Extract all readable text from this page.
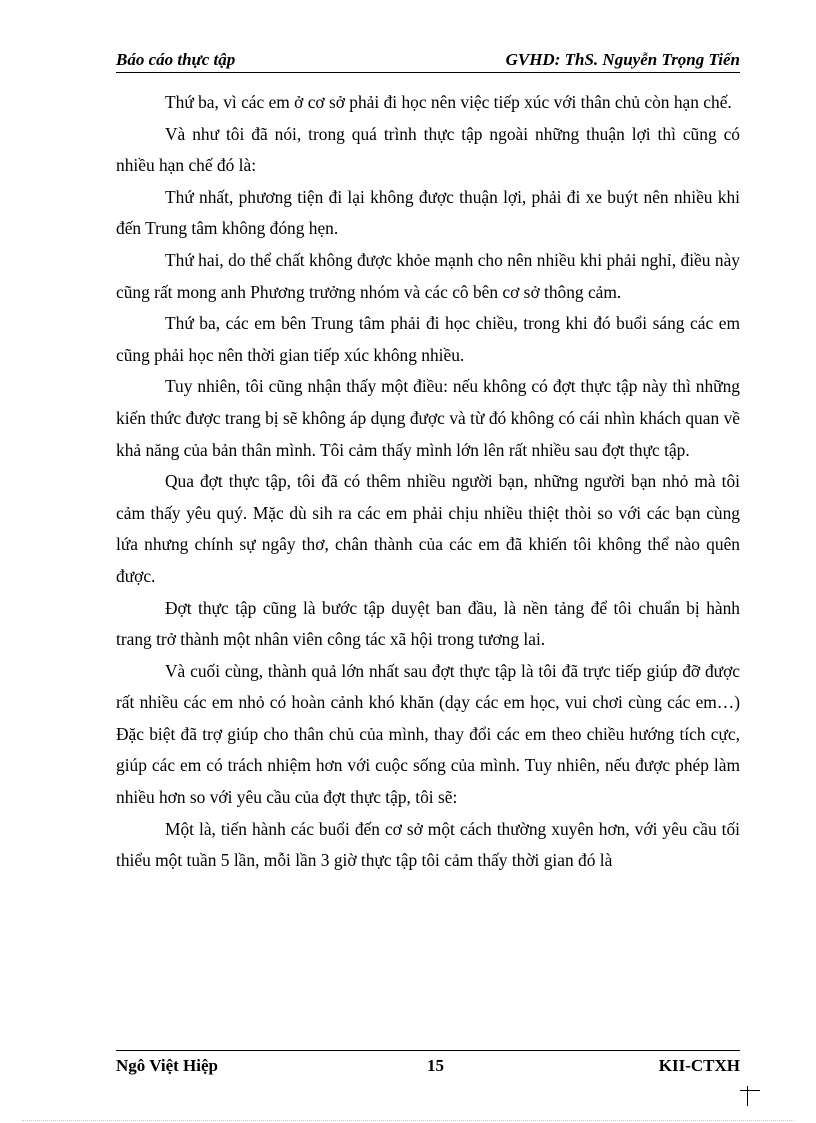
Báo cáo thực tập	GVHD: ThS. Nguyễn Trọng Tiến

Thứ ba, vì các em ở cơ sở phải đi học nên việc tiếp xúc với thân chủ còn hạn chế.

Và như tôi đã nói, trong quá trình thực tập ngoài những thuận lợi thì cũng có nhiều hạn chế đó là:

Thứ nhất, phương tiện đi lại không được thuận lợi, phải đi xe buýt nên nhiều khi đến Trung tâm không đóng hẹn.

Thứ hai, do thể chất không được khỏe mạnh cho nên nhiều khi phải nghỉ, điều này cũng rất mong anh Phương trưởng nhóm và các cô bên cơ sở thông cảm.

Thứ ba, các em bên Trung tâm phải đi học chiều, trong khi đó buổi sáng các em cũng phải học nên thời gian tiếp xúc không nhiều.

Tuy nhiên, tôi cũng nhận thấy một điều: nếu không có đợt thực tập này thì những kiến thức được trang bị sẽ không áp dụng được và từ đó không có cái nhìn khách quan về khả năng của bản thân mình. Tôi cảm thấy mình lớn lên rất nhiều sau đợt thực tập.

Qua đợt thực tập, tôi đã có thêm nhiều người bạn, những người bạn nhỏ mà tôi cảm thấy yêu quý. Mặc dù sih ra các em phải chịu nhiều thiệt thòi so với các bạn cùng lứa nhưng chính sự ngây thơ, chân thành của các em đã khiến tôi không thể nào quên được.

Đợt thực tập cũng là bước tập duyệt ban đầu, là nền tảng để tôi chuẩn bị hành trang trở thành một nhân viên công tác xã hội trong tương lai.

Và cuối cùng, thành quả lớn nhất sau đợt thực tập là tôi đã trực tiếp giúp đỡ được rất nhiều các em nhỏ có hoàn cảnh khó khăn (dạy các em học, vui chơi cùng các em…) Đặc biệt đã trợ giúp cho thân chủ của mình, thay đổi các em theo chiều hướng tích cực, giúp các em có trách nhiệm hơn với cuộc sống của mình. Tuy nhiên, nếu được phép làm nhiều hơn so với yêu cầu của đợt thực tập, tôi sẽ:

Một là, tiến hành các buổi đến cơ sở một cách thường xuyên hơn, với yêu cầu tối thiểu một tuần 5 lần, mỗi lần 3 giờ thực tập tôi cảm thấy thời gian đó là

Ngô Việt Hiệp	15	KII-CTXH
